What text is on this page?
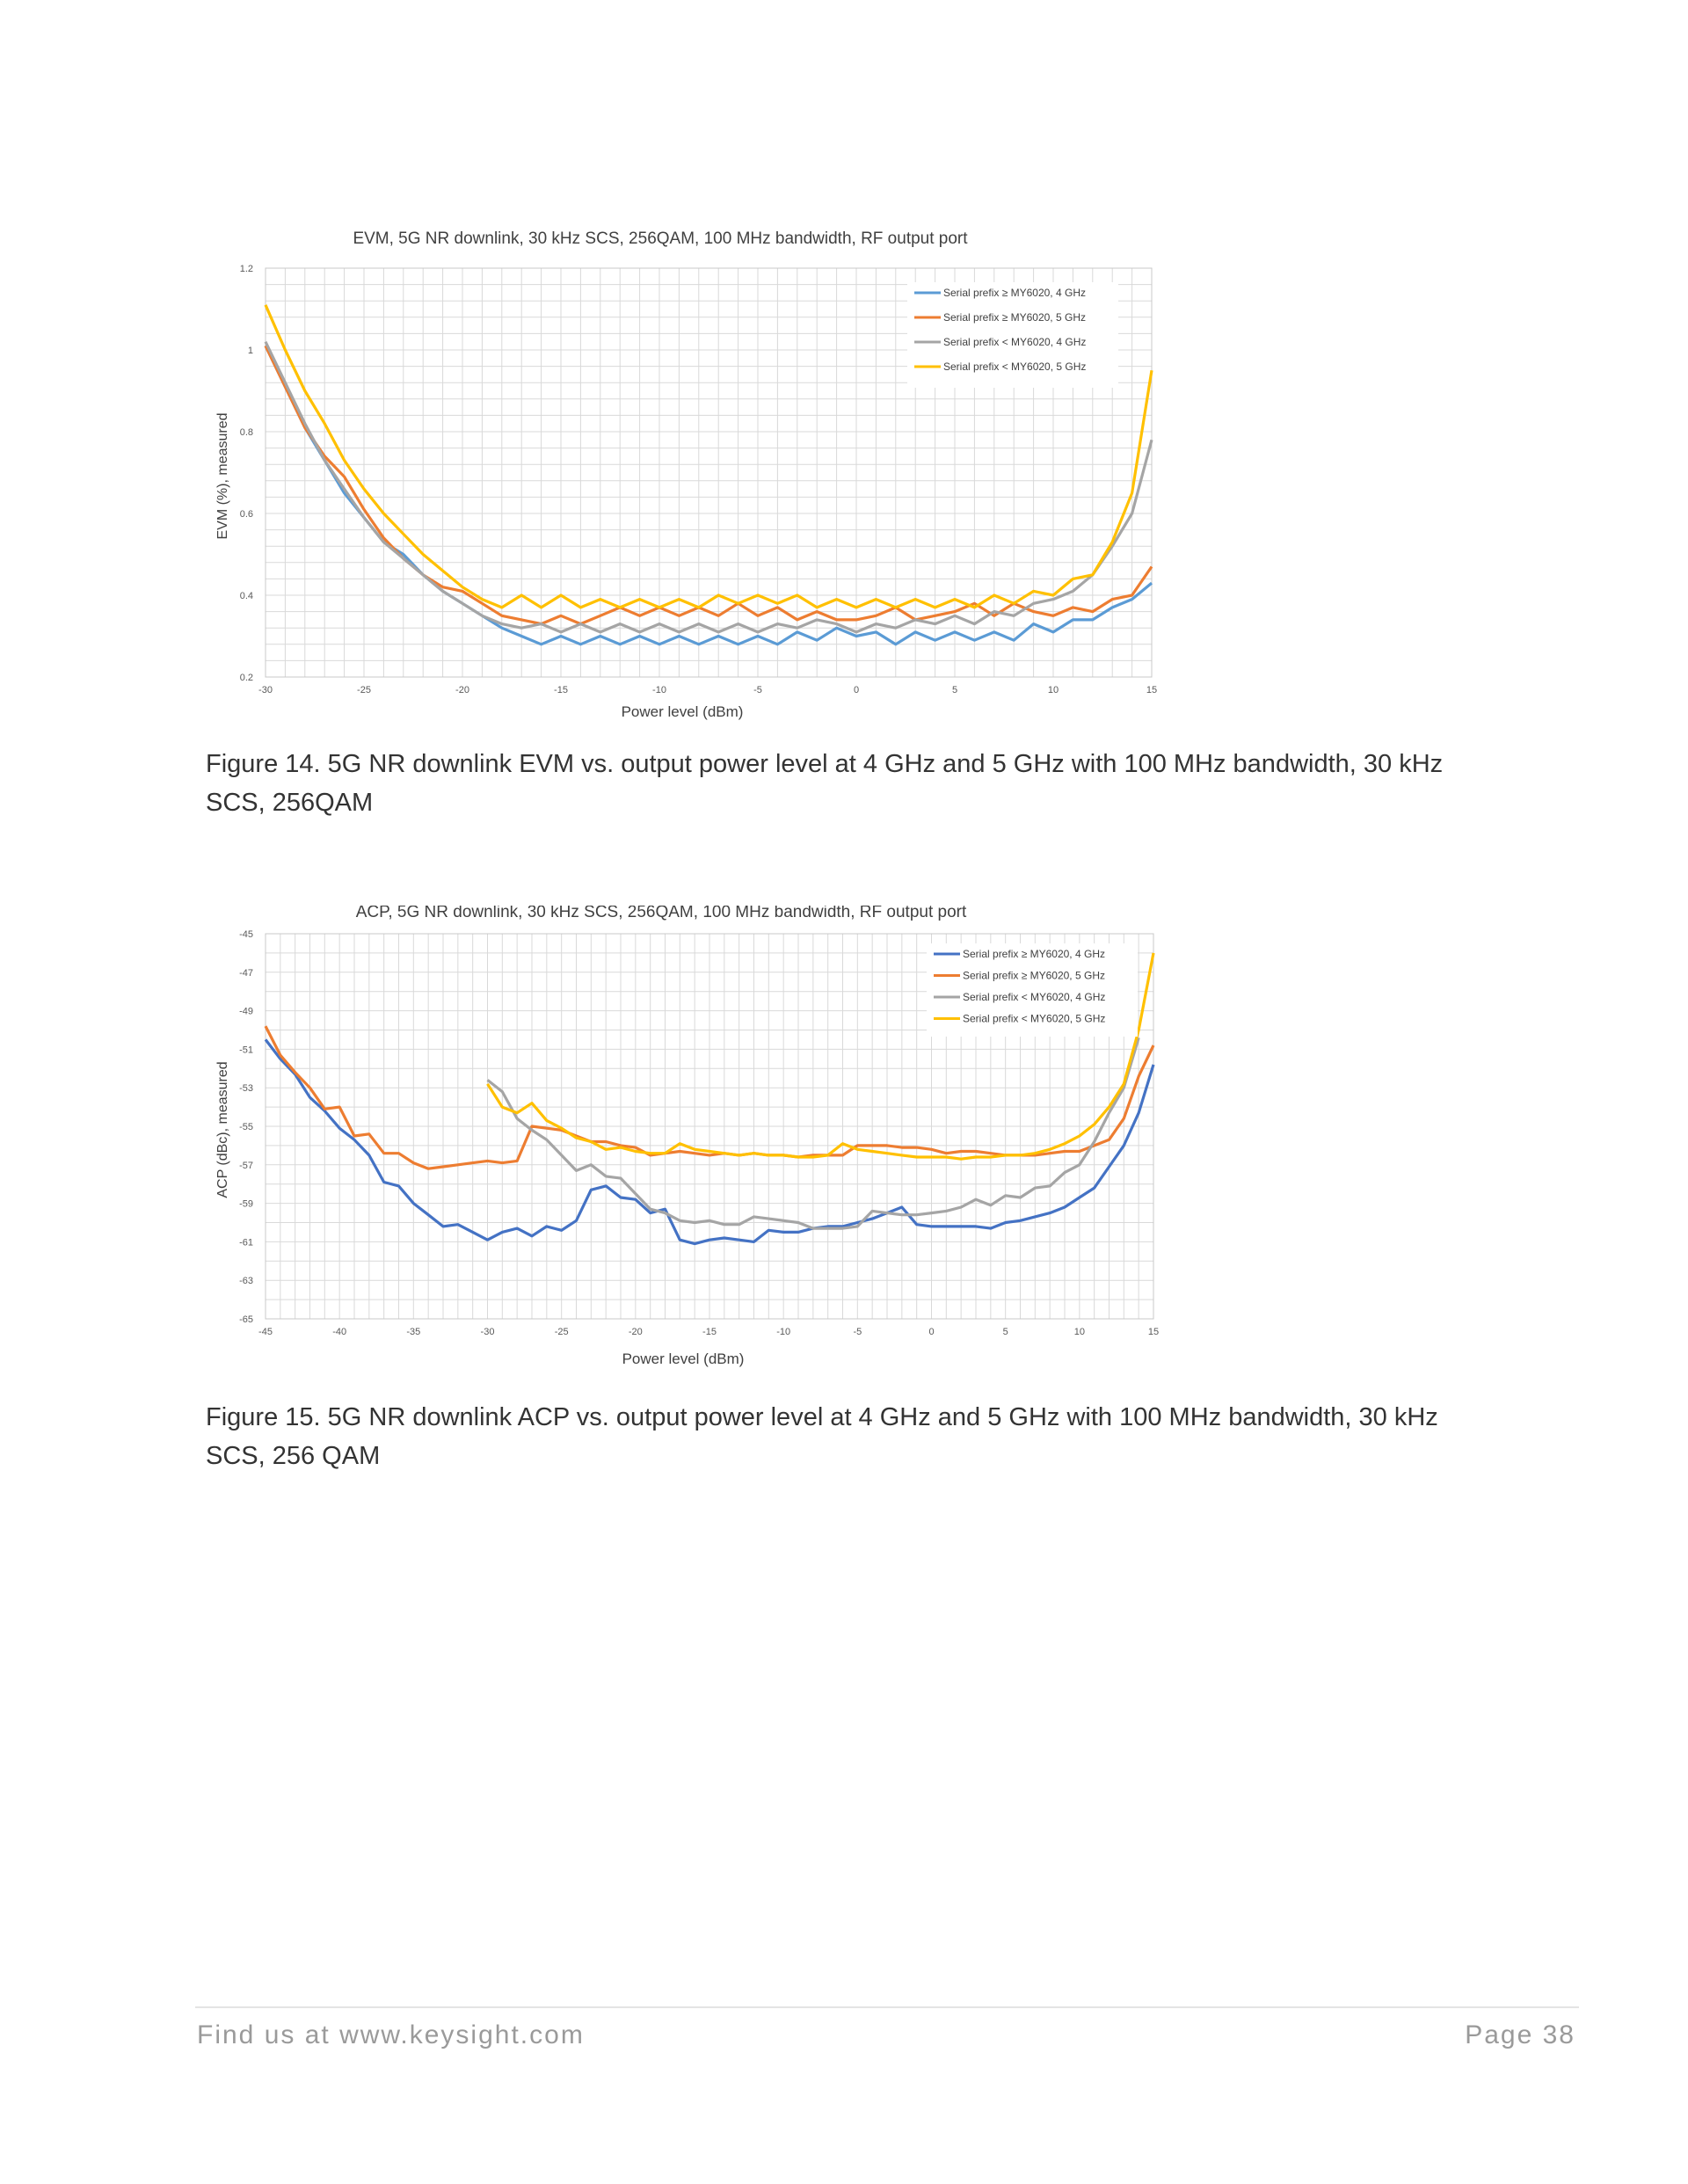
-30	-25	-20	-15	-10	-5	0	5	10	15
0.2
0.4
0.6
0.8
1
1.2
EVM, 5G NR downlink, 30 kHz SCS, 256QAM, 100 MHz bandwidth, RF output port
Power level (dBm)
EVM (%), measured
Serial prefix ≥ MY6020, 4 GHz
Serial prefix ≥ MY6020, 5 GHz
Serial prefix < MY6020, 4 GHz
Serial prefix < MY6020, 5 GHz

Figure 14. 5G NR downlink EVM vs. output power level at 4 GHz and 5 GHz with 100 MHz bandwidth, 30 kHz SCS, 256QAM

-45	-40	-35	-30	-25	-20	-15	-10	-5	0	5	10	15
-65
-63
-61
-59
-57
-55
-53
-51
-49
-47
-45
ACP, 5G NR downlink, 30 kHz SCS, 256QAM, 100 MHz bandwidth, RF output port
Power level (dBm)
ACP (dBc), measured
Serial prefix ≥ MY6020, 4 GHz
Serial prefix ≥ MY6020, 5 GHz
Serial prefix < MY6020, 4 GHz
Serial prefix < MY6020, 5 GHz

Figure 15. 5G NR downlink ACP vs. output power level at 4 GHz and 5 GHz with 100 MHz bandwidth, 30 kHz SCS, 256 QAM

Find us at www.keysight.com	Page 38
